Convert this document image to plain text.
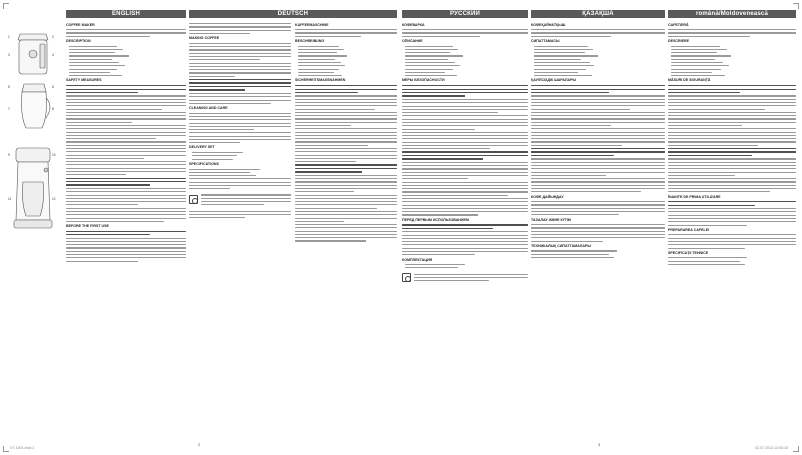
1	2
3	4
5	6
7	8
9	10
11	12
ENGLISH	DEUTSCH	РУССКИЙ	ҚАЗАҚША	română/Moldovenească
COFFEE MAKER
DESCRIPTION
SAFETY MEASURES
BEFORE THE FIRST USE
MAKING COFFEE
CLEANING AND CARE
DELIVERY SET
SPECIFICATIONS
KAFFEEMASCHINE
BESCHREIBUNG
SICHERHEITSMASSNAHMEN
КОФЕВАРКА
ОПИСАНИЕ
МЕРЫ БЕЗОПАСНОСТИ
ПЕРЕД ПЕРВЫМ ИСПОЛЬЗОВАНИЕМ
КОМПЛЕКТАЦИЯ
КОФЕҚАЙНАТҚЫШ
СИПАТТАМАСЫ
ҚАУІПСІЗДІК ШАРАЛАРЫ
КОФЕ ДАЙЫНДАУ
ТАЗАЛАУ ЖӘНЕ КҮТІМ
ТЕХНИКАЛЫҚ СИПАТТАМАЛАРЫ
CAFETIERĂ
DESCRIERE
MĂSURI DE SIGURANŢĂ
ÎNAINTE DE PRIMA UTILIZARE
PREPARAREA CAFELEI
SPECIFICAŢII TEHNICE
2	3
VT-1501.indd 2	02.07.2013 13:05:15
